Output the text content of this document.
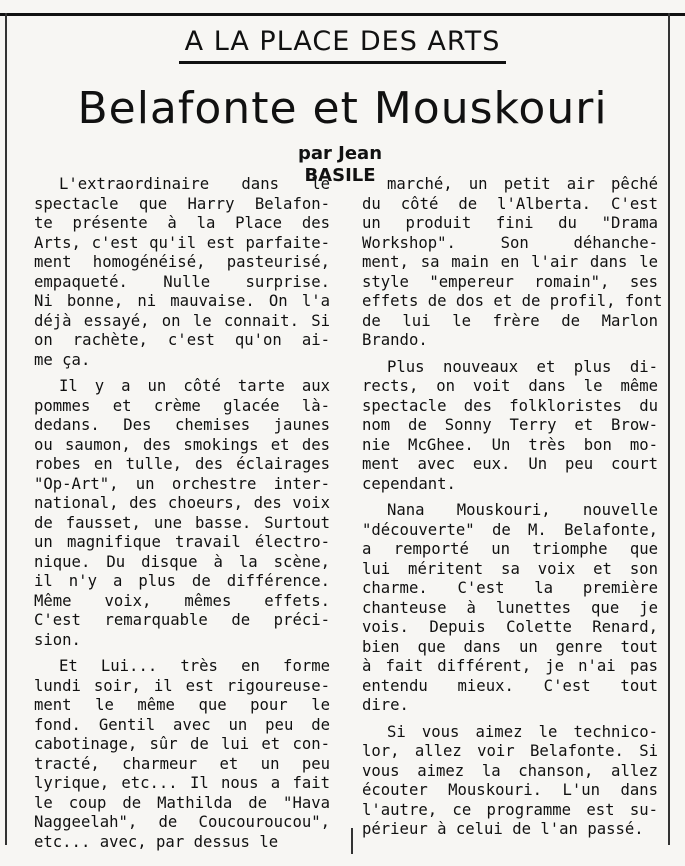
A LA PLACE DES ARTS
Belafonte et Mouskouri
par Jean BASILE

L'extraordinaire dans le
spectacle que Harry Belafon-
te présente à la Place des
Arts, c'est qu'il est parfaite-
ment homogénéisé, pasteurisé,
empaqueté. Nulle surprise.
Ni bonne, ni mauvaise. On l'a
déjà essayé, on le connait. Si
on rachète, c'est qu'on ai-
me ça.

Il y a un côté tarte aux
pommes et crème glacée là-
dedans. Des chemises jaunes
ou saumon, des smokings et des
robes en tulle, des éclairages
"Op-Art", un orchestre inter-
national, des choeurs, des voix
de fausset, une basse. Surtout
un magnifique travail électro-
nique. Du disque à la scène,
il n'y a plus de différence.
Même voix, mêmes effets.
C'est remarquable de préci-
sion.

Et Lui... très en forme
lundi soir, il est rigoureuse-
ment le même que pour le
fond. Gentil avec un peu de
cabotinage, sûr de lui et con-
tracté, charmeur et un peu
lyrique, etc... Il nous a fait
le coup de Mathilda de "Hava
Naggeelah", de Coucouroucou",
etc... avec, par dessus le

marché, un petit air pêché
du côté de l'Alberta. C'est
un produit fini du "Drama
Workshop". Son déhanche-
ment, sa main en l'air dans le
style "empereur romain", ses
effets de dos et de profil, font
de lui le frère de Marlon
Brando.

Plus nouveaux et plus di-
rects, on voit dans le même
spectacle des folkloristes du
nom de Sonny Terry et Brow-
nie McGhee. Un très bon mo-
ment avec eux. Un peu court
cependant.

Nana Mouskouri, nouvelle
"découverte" de M. Belafonte,
a remporté un triomphe que
lui méritent sa voix et son
charme. C'est la première
chanteuse à lunettes que je
vois. Depuis Colette Renard,
bien que dans un genre tout
à fait différent, je n'ai pas
entendu mieux. C'est tout
dire.

Si vous aimez le technico-
lor, allez voir Belafonte. Si
vous aimez la chanson, allez
écouter Mouskouri. L'un dans
l'autre, ce programme est su-
périeur à celui de l'an passé.
